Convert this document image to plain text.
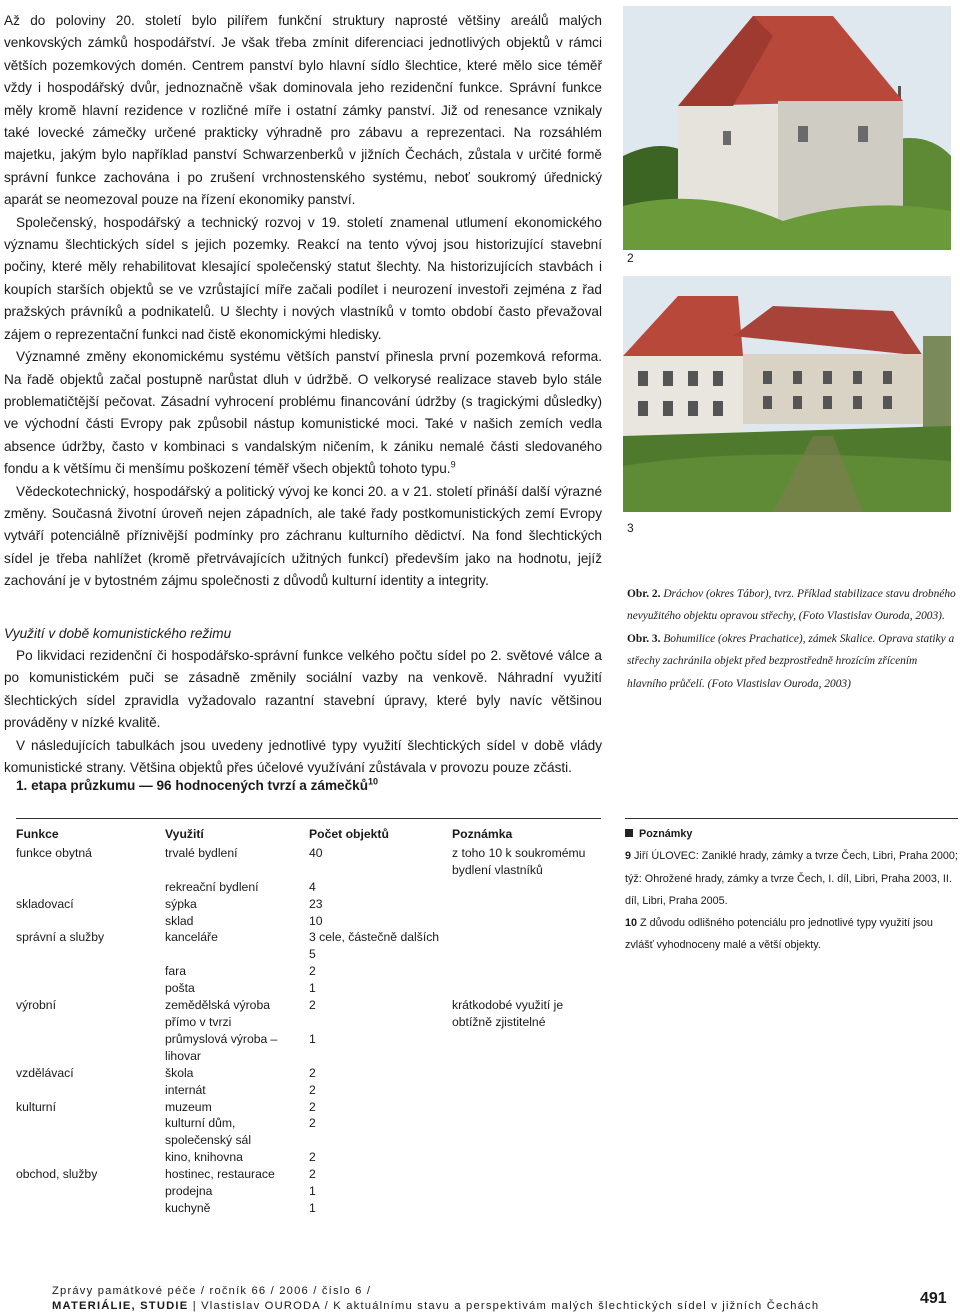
Až do poloviny 20. století bylo pilířem funkční struktury naprosté většiny areálů malých venkovských zámků hospodářství. Je však třeba zmínit diferenciaci jednotlivých objektů v rámci větších pozemkových domén. Centrem panství bylo hlavní sídlo šlechtice, které mělo sice téměř vždy i hospodářský dvůr, jednoznačně však dominovala jeho rezidenční funkce. Správní funkce měly kromě hlavní rezidence v rozličné míře i ostatní zámky panství. Již od renesance vznikaly také lovecké zámečky určené prakticky výhradně pro zábavu a reprezentaci. Na rozsáhlém majetku, jakým bylo například panství Schwarzenberků v jižních Čechách, zůstala v určité formě správní funkce zachována i po zrušení vrchnostenského systému, neboť soukromý úřednický aparát se neomezoval pouze na řízení ekonomiky panství.

Společenský, hospodářský a technický rozvoj v 19. století znamenal utlumení ekonomického významu šlechtických sídel s jejich pozemky. Reakcí na tento vývoj jsou historizující stavební počiny, které měly rehabilitovat klesající společenský statut šlechty. Na historizujících stavbách i koupích starších objektů se ve vzrůstající míře začali podílet i neurození investoři zejména z řad pražských právníků a podnikatelů. U šlechty i nových vlastníků v tomto období často převažoval zájem o reprezentační funkci nad čistě ekonomickými hledisky.

Významné změny ekonomickému systému větších panství přinesla první pozemková reforma. Na řadě objektů začal postupně narůstat dluh v údržbě. O velkorysé realizace staveb bylo stále problematičtější pečovat. Zásadní vyhrocení problému financování údržby (s tragickými důsledky) ve východní části Evropy pak způsobil nástup komunistické moci. Také v našich zemích vedla absence údržby, často v kombinaci s vandalským ničením, k zániku nemalé části sledovaného fondu a k většímu či menšímu poškození téměř všech objektů tohoto typu.$^9$

Vědeckotechnický, hospodářský a politický vývoj ke konci 20. a v 21. století přináší další výrazné změny. Současná životní úroveň nejen západních, ale také řady postkomunistických zemí Evropy vytváří potenciálně příznivější podmínky pro záchranu kulturního dědictví. Na fond šlechtických sídel je třeba nahlížet (kromě přetrvávajících užitných funkcí) především jako na hodnotu, jejíž zachování je v bytostném zájmu společnosti z důvodů kulturní identity a integrity.

Využití v době komunistického režimu

Po likvidaci rezidenční či hospodářsko-správní funkce velkého počtu sídel po 2. světové válce a po komunistickém puči se zásadně změnily sociální vazby na venkově. Náhradní využití šlechtických sídel zpravidla vyžadovalo razantní stavební úpravy, které byly navíc většinou prováděny v nízké kvalitě.

V následujících tabulkách jsou uvedeny jednotlivé typy využití šlechtických sídel v době vlády komunistické strany. Většina objektů přes účelové využívání zůstávala v provozu pouze zčásti.

2
3

Obr. 2. Dráchov (okres Tábor), tvrz. Příklad stabilizace stavu drobného nevyužitého objektu opravou střechy, (Foto Vlastislav Ouroda, 2003).

Obr. 3. Bohumilice (okres Prachatice), zámek Skalice. Oprava statiky a střechy zachránila objekt před bezprostředně hrozícím zřícením hlavního průčelí. (Foto Vlastislav Ouroda, 2003)

1. etapa průzkumu — 96 hodnocených tvrzí a zámečků$^{10}$
Funkce	Využití	Počet objektů	Poznámka
funkce obytná	trvalé bydlení	40	z toho 10 k soukromému bydlení vlastníků
	rekreační bydlení	4	
skladovací	sýpka	23	
	sklad	10	
správní a služby	kanceláře	3 cele, částečně dalších 5	
	fara	2	
	pošta	1	
výrobní	zemědělská výroba přímo v tvrzi	2	krátkodobé využití je obtížně zjistitelné
	průmyslová výroba – lihovar	1	
vzdělávací	škola	2	
	internát	2	
kulturní	muzeum	2	
	kulturní dům, společenský sál	2	
	kino, knihovna	2	
obchod, služby	hostinec, restaurace	2	
	prodejna	1	
	kuchyně	1	
Poznámky

9 Jiří ÚLOVEC: Zaniklé hrady, zámky a tvrze Čech, Libri, Praha 2000; týž: Ohrožené hrady, zámky a tvrze Čech, I. díl, Libri, Praha 2003, II. díl, Libri, Praha 2005.

10 Z důvodu odlišného potenciálu pro jednotlivé typy využití jsou zvlášť vyhodnoceny malé a větší objekty.

Zprávy památkové péče / ročník 66 / 2006 / číslo 6 /
MATERIÁLIE, STUDIE | Vlastislav OURODA / K aktuálnímu stavu a perspektivám malých šlechtických sídel v jižních Čechách	491
